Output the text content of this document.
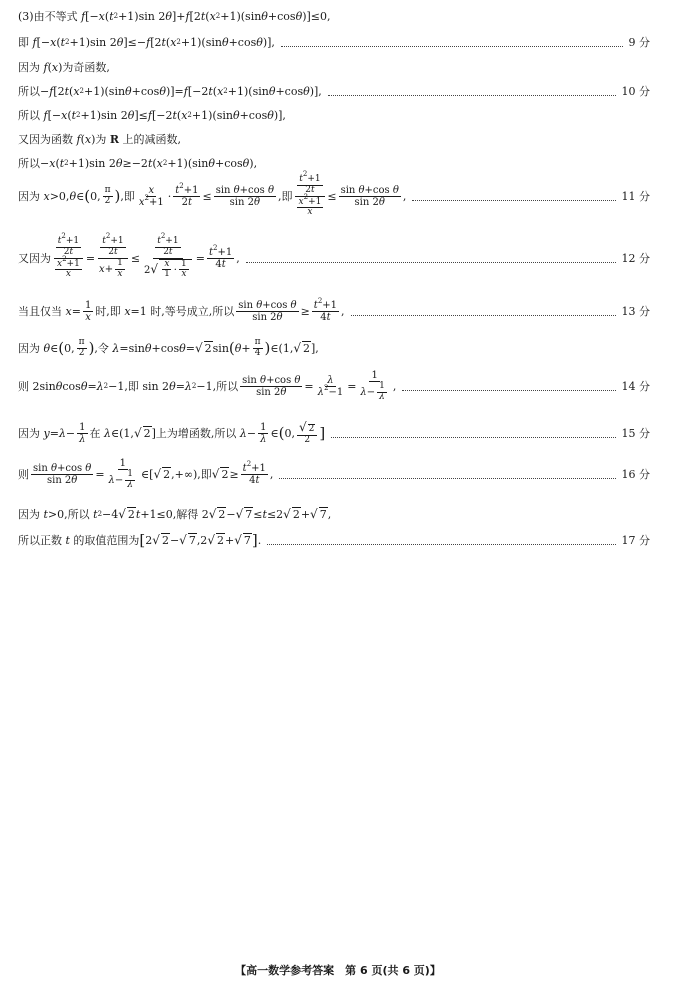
(3)由不等式 f [− x ( t 2 +1)sin 2 θ ]+ f [2 t ( x 2 +1)(sin θ +cos θ )]≤0,
即 f [− x ( t 2 +1)sin 2 θ ]≤− f [2 t ( x 2 +1)(sin θ +cos θ )],	9 分
因为 f ( x )为奇函数,
所以− f [2 t ( x 2 +1)(sin θ +cos θ )]= f [−2 t ( x 2 +1)(sin θ +cos θ )],	10 分
所以 f [− x ( t 2 +1)sin 2 θ ]≤ f [−2 t ( x 2 +1)(sin θ +cos θ )],
又因为函数 f ( x )为 R 上的减函数,
所以− x ( t 2 +1)sin 2 θ ≥−2 t ( x 2 +1)(sin θ +cos θ ),
因为 x >0, θ ∈ ( 0, $\frac{\pi}{2}$ ) ,即 $\frac{x}{x^2+1} \cdot \frac{t^2+1}{2t} \le \frac{\text{sin θ+cos θ}}{\sin 2\theta}$ ,即 $\frac{\frac{t^2+1}{2t}}{\frac{x^2+1}{x}} \le \frac{\text{sin θ+cos θ}}{\sin 2\theta}$ ,	11 分
又因为 $\frac{\frac{t^2+1}{2t}}{\frac{x^2+1}{x}} = \frac{\frac{t^2+1}{2t}}{x+ \frac{1}{x}} \le \frac{\frac{t^2+1}{2t}}{2√ \frac{x}{1} \cdot \frac{1}{x}} = \frac{t^2+1}{4t}$ ,	12 分
当且仅当 $x = \frac{1}{x}$ 时,即 x =1 时,等号成立,所以 $\frac{\text{sin θ+cos θ}}{\sin 2\theta} \ge \frac{t^2+1}{4t}$ ,	13 分
因为 θ ∈ ( 0, $\frac{\pi}{2}$ ) ,令 λ =sin θ +cos θ = √ 2 sin ( $\theta + \frac{\pi}{4}$ ) ∈(1, √ 2 ],
则 2sin θ cos θ = λ 2 −1,即 sin 2 θ = λ 2 −1,所以 $\frac{\text{sin θ+cos θ}}{\sin 2\theta} = \frac{\lambda}{\lambda^2-1} = \frac{1}{\lambda- \frac{1}{\lambda}}$ ,	14 分
因为 $y = \lambda - \frac{1}{\lambda}$ 在 λ ∈(1, √ 2 ]上为增函数,所以 $\lambda - \frac{1}{\lambda}$ ∈ ( 0, $\frac{√ 2}{2}$ ]	15 分
则 $\frac{\text{sin θ+cos θ}}{\sin 2\theta} = \frac{1}{\lambda- \frac{1}{\lambda}}$ ∈[ √ 2 ,+∞),即 √ $2 \ge \frac{t^2+1}{4t}$ ,	16 分
因为 t >0,所以 t 2 −4 √ 2 t +1≤0,解得 2 √ 2 − √ 7 ≤ t ≤2 √ 2 + √ 7 ,
所以正数 t 的取值范围为 [ 2 √ 2 − √ 7 ,2 √ 2 + √ 7 ] .	17 分
【高一数学参考答案　第 6 页(共 6 页)】
